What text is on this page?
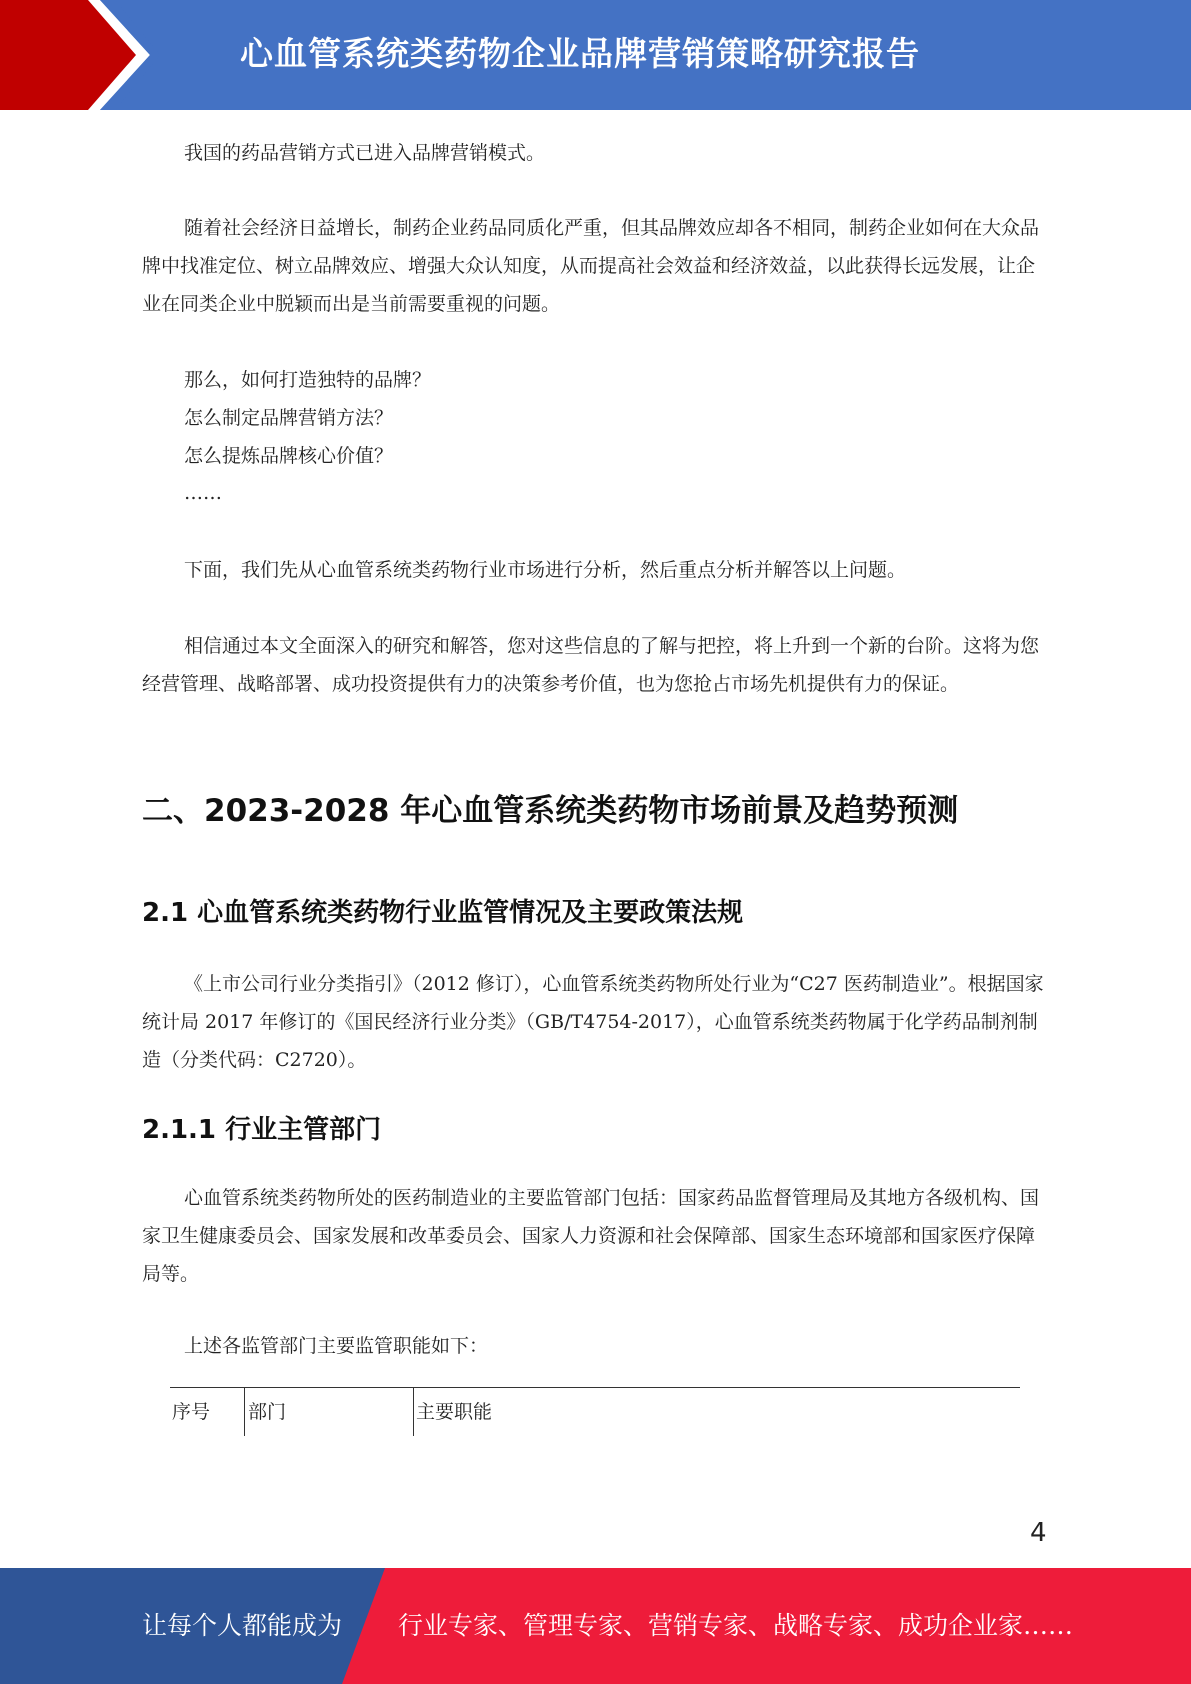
心血管系统类药物企业品牌营销策略研究报告

我国的药品营销方式已进入品牌营销模式。

随着社会经济日益增长，制药企业药品同质化严重，但其品牌效应却各不相同，制药企业如何在大众品牌中找准定位、树立品牌效应、增强大众认知度，从而提高社会效益和经济效益，以此获得长远发展，让企业在同类企业中脱颖而出是当前需要重视的问题。

那么，如何打造独特的品牌？

怎么制定品牌营销方法？

怎么提炼品牌核心价值？

……

下面，我们先从心血管系统类药物行业市场进行分析，然后重点分析并解答以上问题。

相信通过本文全面深入的研究和解答，您对这些信息的了解与把控，将上升到一个新的台阶。这将为您经营管理、战略部署、成功投资提供有力的决策参考价值，也为您抢占市场先机提供有力的保证。

二、2023-2028 年心血管系统类药物市场前景及趋势预测
2.1 心血管系统类药物行业监管情况及主要政策法规

《上市公司行业分类指引》（2012 修订），心血管系统类药物所处行业为“C27 医药制造业”。根据国家统计局 2017 年修订的《国民经济行业分类》（GB/T4754-2017），心血管系统类药物属于化学药品制剂制造（分类代码：C2720）。

2.1.1 行业主管部门

心血管系统类药物所处的医药制造业的主要监管部门包括：国家药品监督管理局及其地方各级机构、国家卫生健康委员会、国家发展和改革委员会、国家人力资源和社会保障部、国家生态环境部和国家医疗保障局等。

上述各监管部门主要监管职能如下：

序号 部门	主要职能
4
让每个人都能成为 行业专家、管理专家、营销专家、战略专家、成功企业家……
